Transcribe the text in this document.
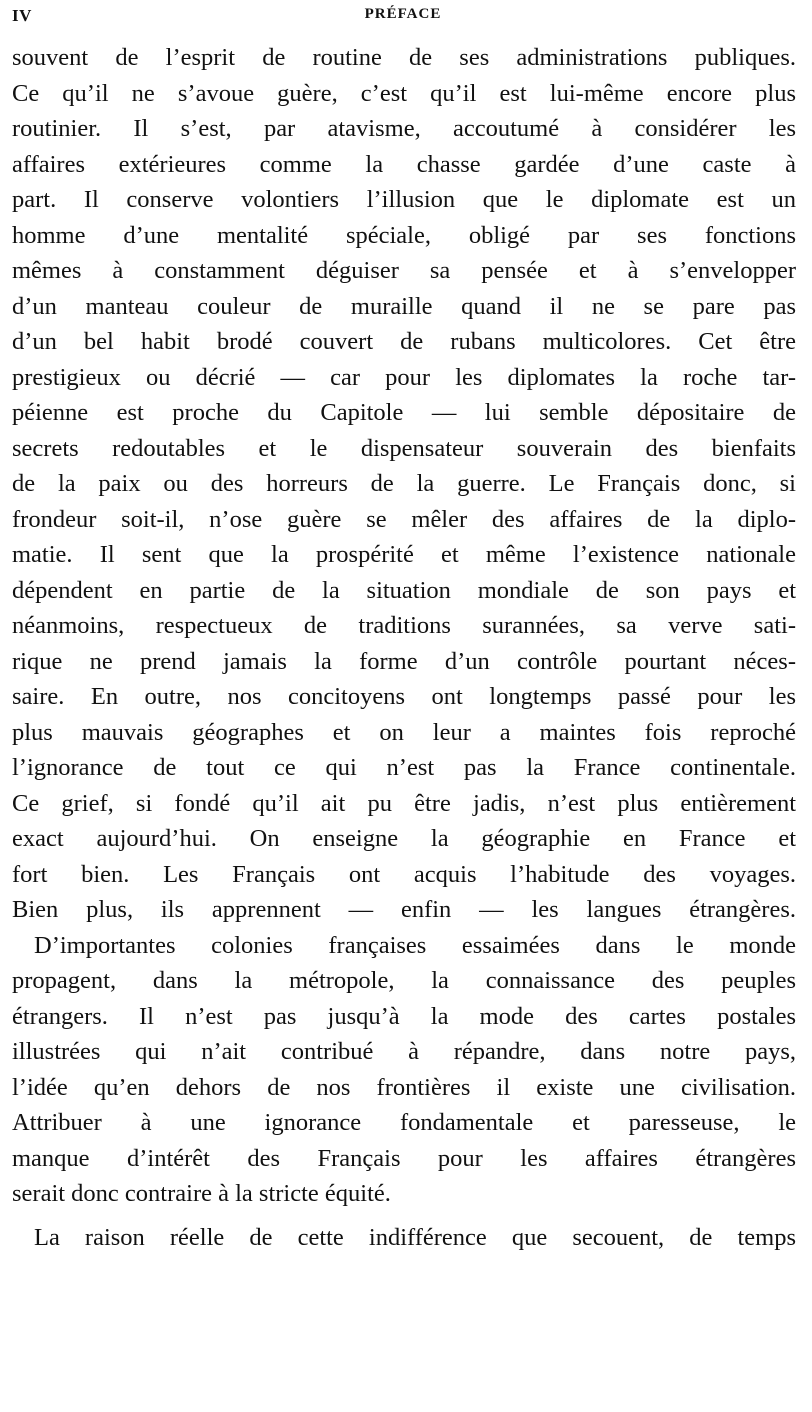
IV	PRÉFACE
souvent de l’esprit de routine de ses administrations publiques.
Ce qu’il ne s’avoue guère, c’est qu’il est lui-même encore plus
routinier. Il s’est, par atavisme, accoutumé à considérer les
affaires extérieures comme la chasse gardée d’une caste à
part. Il conserve volontiers l’illusion que le diplomate est un
homme d’une mentalité spéciale, obligé par ses fonctions
mêmes à constamment déguiser sa pensée et à s’envelopper
d’un manteau couleur de muraille quand il ne se pare pas
d’un bel habit brodé couvert de rubans multicolores. Cet être
prestigieux ou décrié — car pour les diplomates la roche tar-
péienne est proche du Capitole — lui semble dépositaire de
secrets redoutables et le dispensateur souverain des bienfaits
de la paix ou des horreurs de la guerre. Le Français donc, si
frondeur soit-il, n’ose guère se mêler des affaires de la diplo-
matie. Il sent que la prospérité et même l’existence nationale
dépendent en partie de la situation mondiale de son pays et
néanmoins, respectueux de traditions surannées, sa verve sati-
rique ne prend jamais la forme d’un contrôle pourtant néces-
saire. En outre, nos concitoyens ont longtemps passé pour les
plus mauvais géographes et on leur a maintes fois reproché
l’ignorance de tout ce qui n’est pas la France continentale.
Ce grief, si fondé qu’il ait pu être jadis, n’est plus entièrement
exact aujourd’hui. On enseigne la géographie en France et
fort bien. Les Français ont acquis l’habitude des voyages.
Bien plus, ils apprennent — enfin — les langues étrangères.
D’importantes colonies françaises essaimées dans le monde
propagent, dans la métropole, la connaissance des peuples
étrangers. Il n’est pas jusqu’à la mode des cartes postales
illustrées qui n’ait contribué à répandre, dans notre pays,
l’idée qu’en dehors de nos frontières il existe une civilisation.
Attribuer à une ignorance fondamentale et paresseuse, le
manque d’intérêt des Français pour les affaires étrangères
serait donc contraire à la stricte équité.
La raison réelle de cette indifférence que secouent, de temps
